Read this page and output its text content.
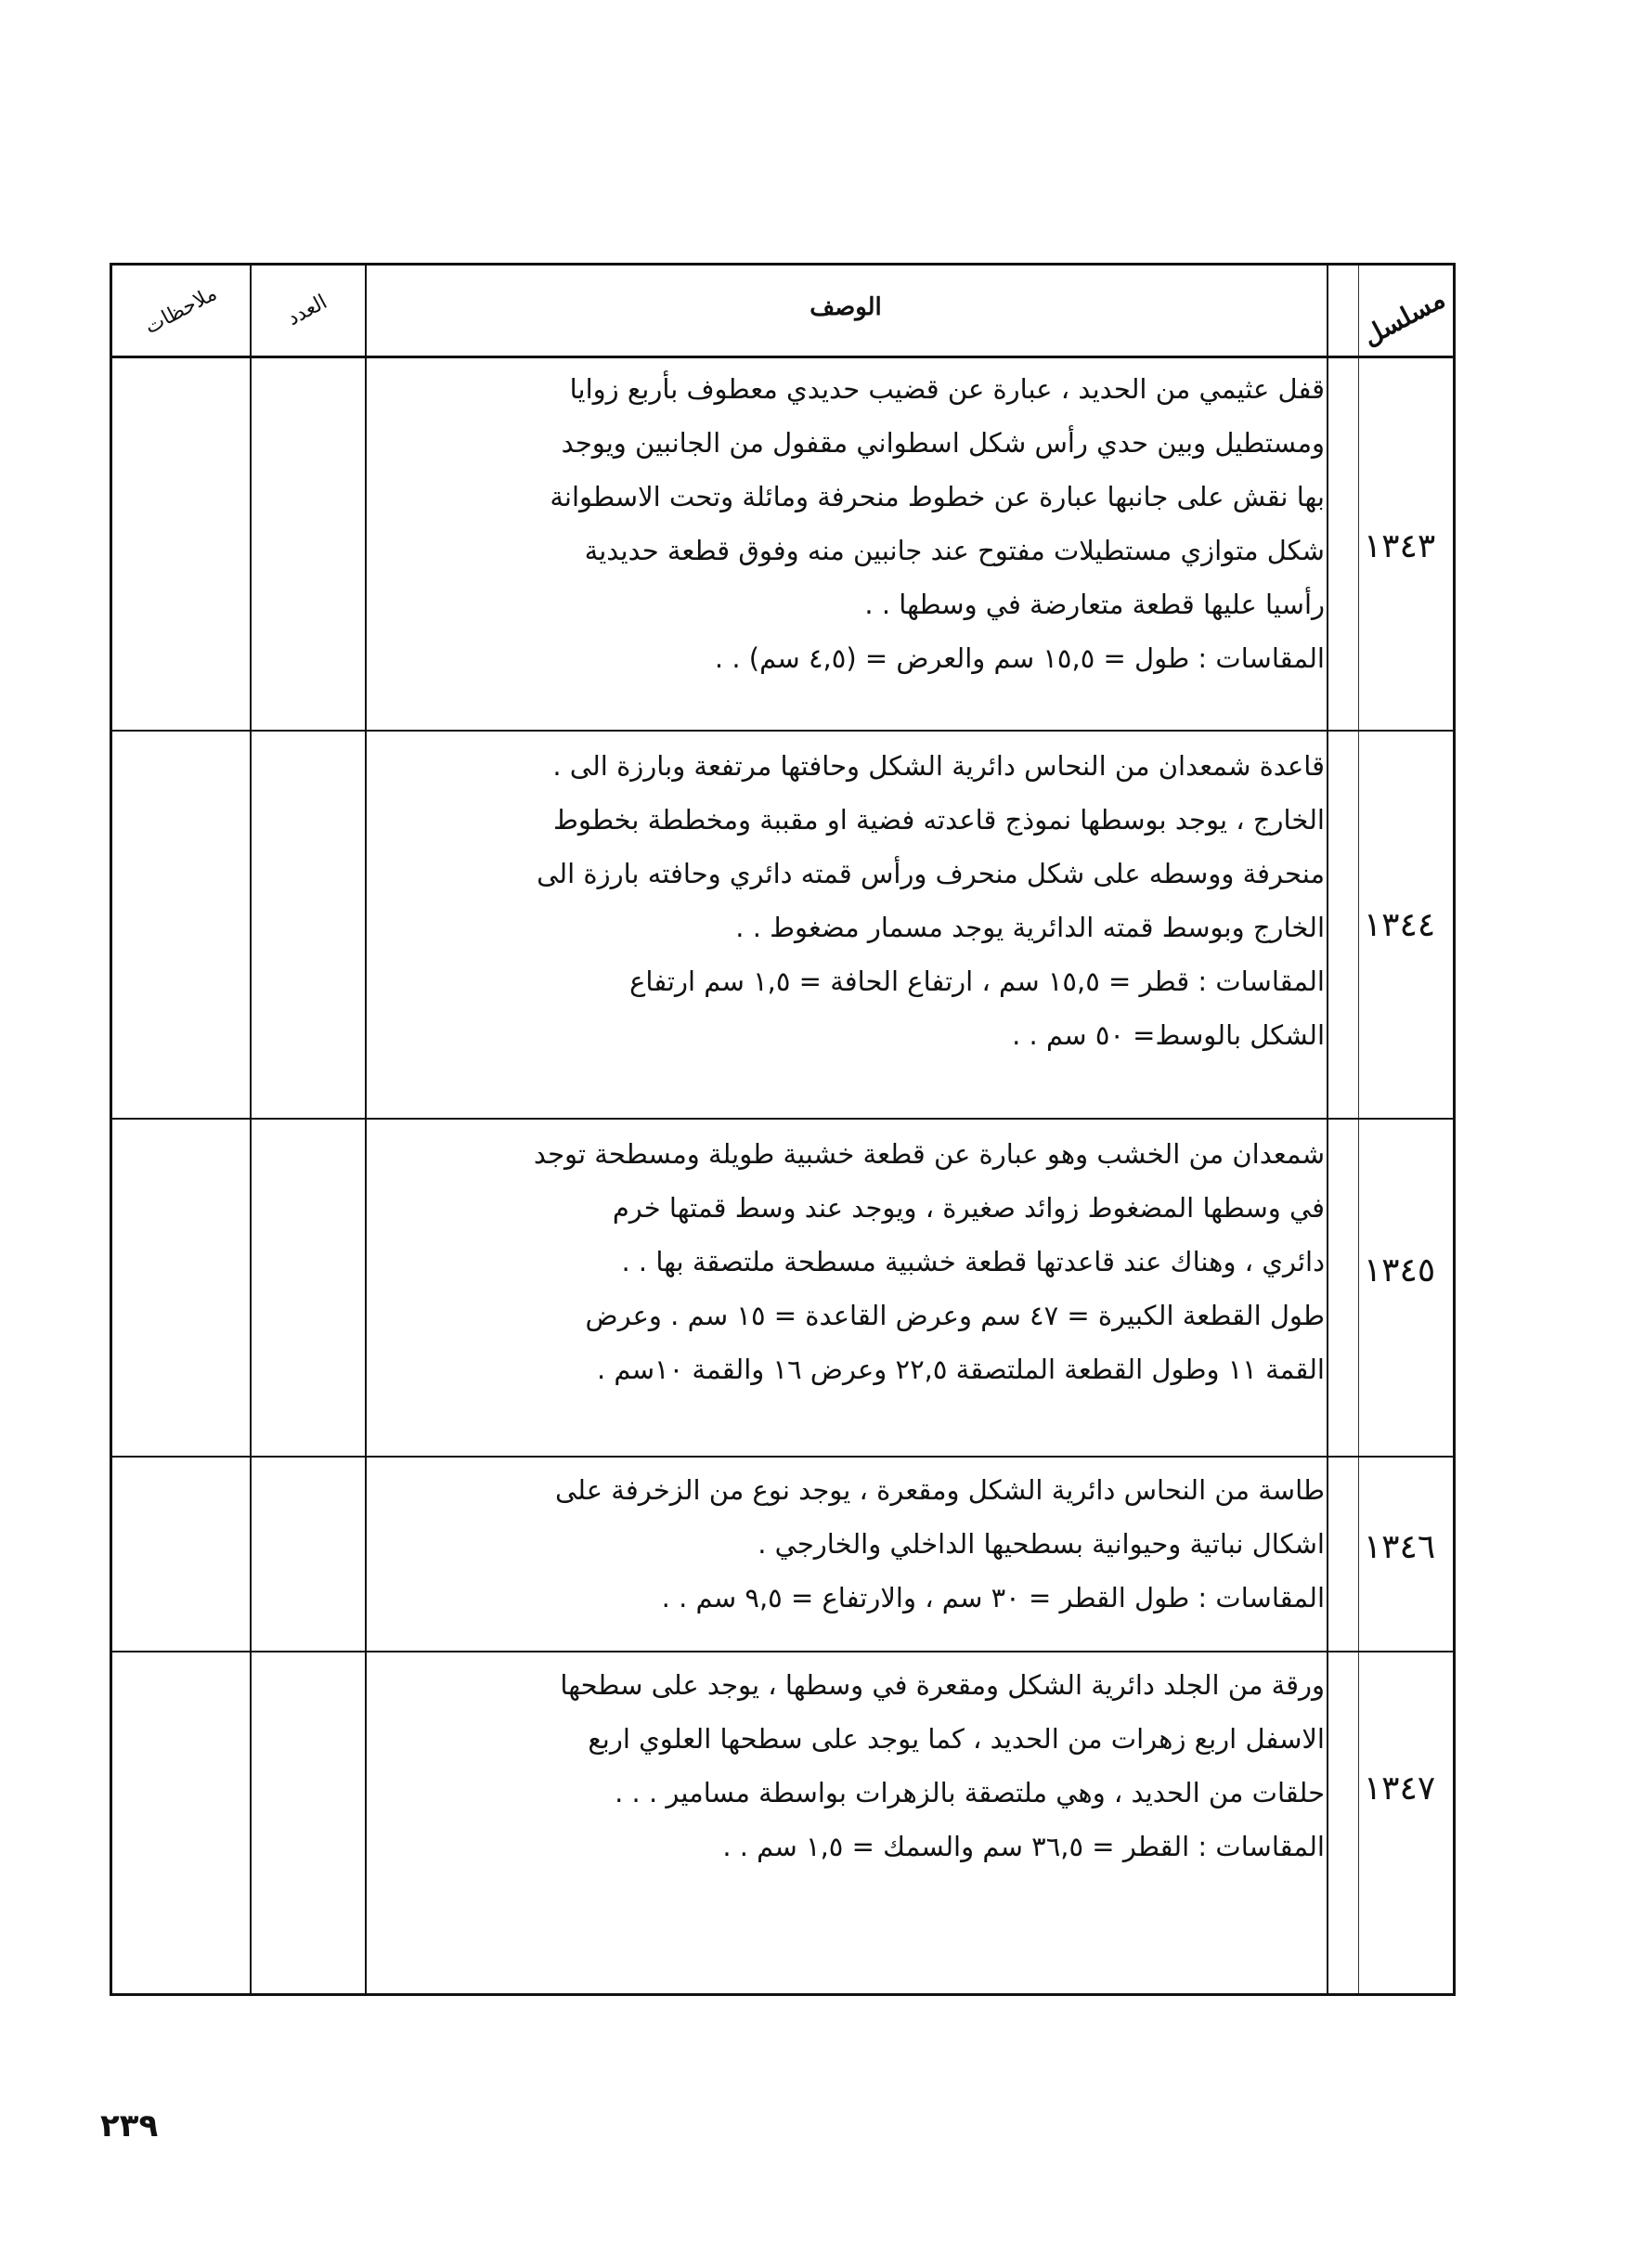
مسلسل
الوصف
العدد
ملاحظات
١٣٤٣

قفل عثيمي من الحديد ، عبارة عن قضيب حديدي معطوف بأربع زوايا

ومستطيل وبين حدي رأس شكل اسطواني مقفول من الجانبين ويوجد

بها نقش على جانبها عبارة عن خطوط منحرفة ومائلة وتحت الاسطوانة

شكل متوازي مستطيلات مفتوح عند جانبين منه وفوق قطعة حديدية

رأسيا عليها قطعة متعارضة في وسطها . .

المقاسات : طول = ١٥,٥ سم والعرض = (٤,٥ سم) . .

١٣٤٤

قاعدة شمعدان من النحاس دائرية الشكل وحافتها مرتفعة وبارزة الى .

الخارج ، يوجد بوسطها نموذج قاعدته فضية او مقببة ومخططة بخطوط

منحرفة ووسطه على شكل منحرف ورأس قمته دائري وحافته بارزة الى

الخارج وبوسط قمته الدائرية يوجد مسمار مضغوط . .

المقاسات : قطر = ١٥,٥ سم ، ارتفاع الحافة = ١,٥ سم ارتفاع

الشكل بالوسط= ٥٠ سم . .

١٣٤٥

شمعدان من الخشب وهو عبارة عن قطعة خشبية طويلة ومسطحة توجد

في وسطها المضغوط زوائد صغيرة ، ويوجد عند وسط قمتها خرم

دائري ، وهناك عند قاعدتها قطعة خشبية مسطحة ملتصقة بها . .

طول القطعة الكبيرة = ٤٧ سم وعرض القاعدة = ١٥ سم . وعرض

القمة ١١ وطول القطعة الملتصقة ٢٢,٥ وعرض ١٦ والقمة ١٠سم .

١٣٤٦

طاسة من النحاس دائرية الشكل ومقعرة ، يوجد نوع من الزخرفة على

اشكال نباتية وحيوانية بسطحيها الداخلي والخارجي .

المقاسات : طول القطر = ٣٠ سم ، والارتفاع = ٩,٥ سم . .

١٣٤٧

ورقة من الجلد دائرية الشكل ومقعرة في وسطها ، يوجد على سطحها

الاسفل اربع زهرات من الحديد ، كما يوجد على سطحها العلوي اربع

حلقات من الحديد ، وهي ملتصقة بالزهرات بواسطة مسامير . . .

المقاسات : القطر = ٣٦,٥ سم والسمك = ١,٥ سم . .

٢٣٩
